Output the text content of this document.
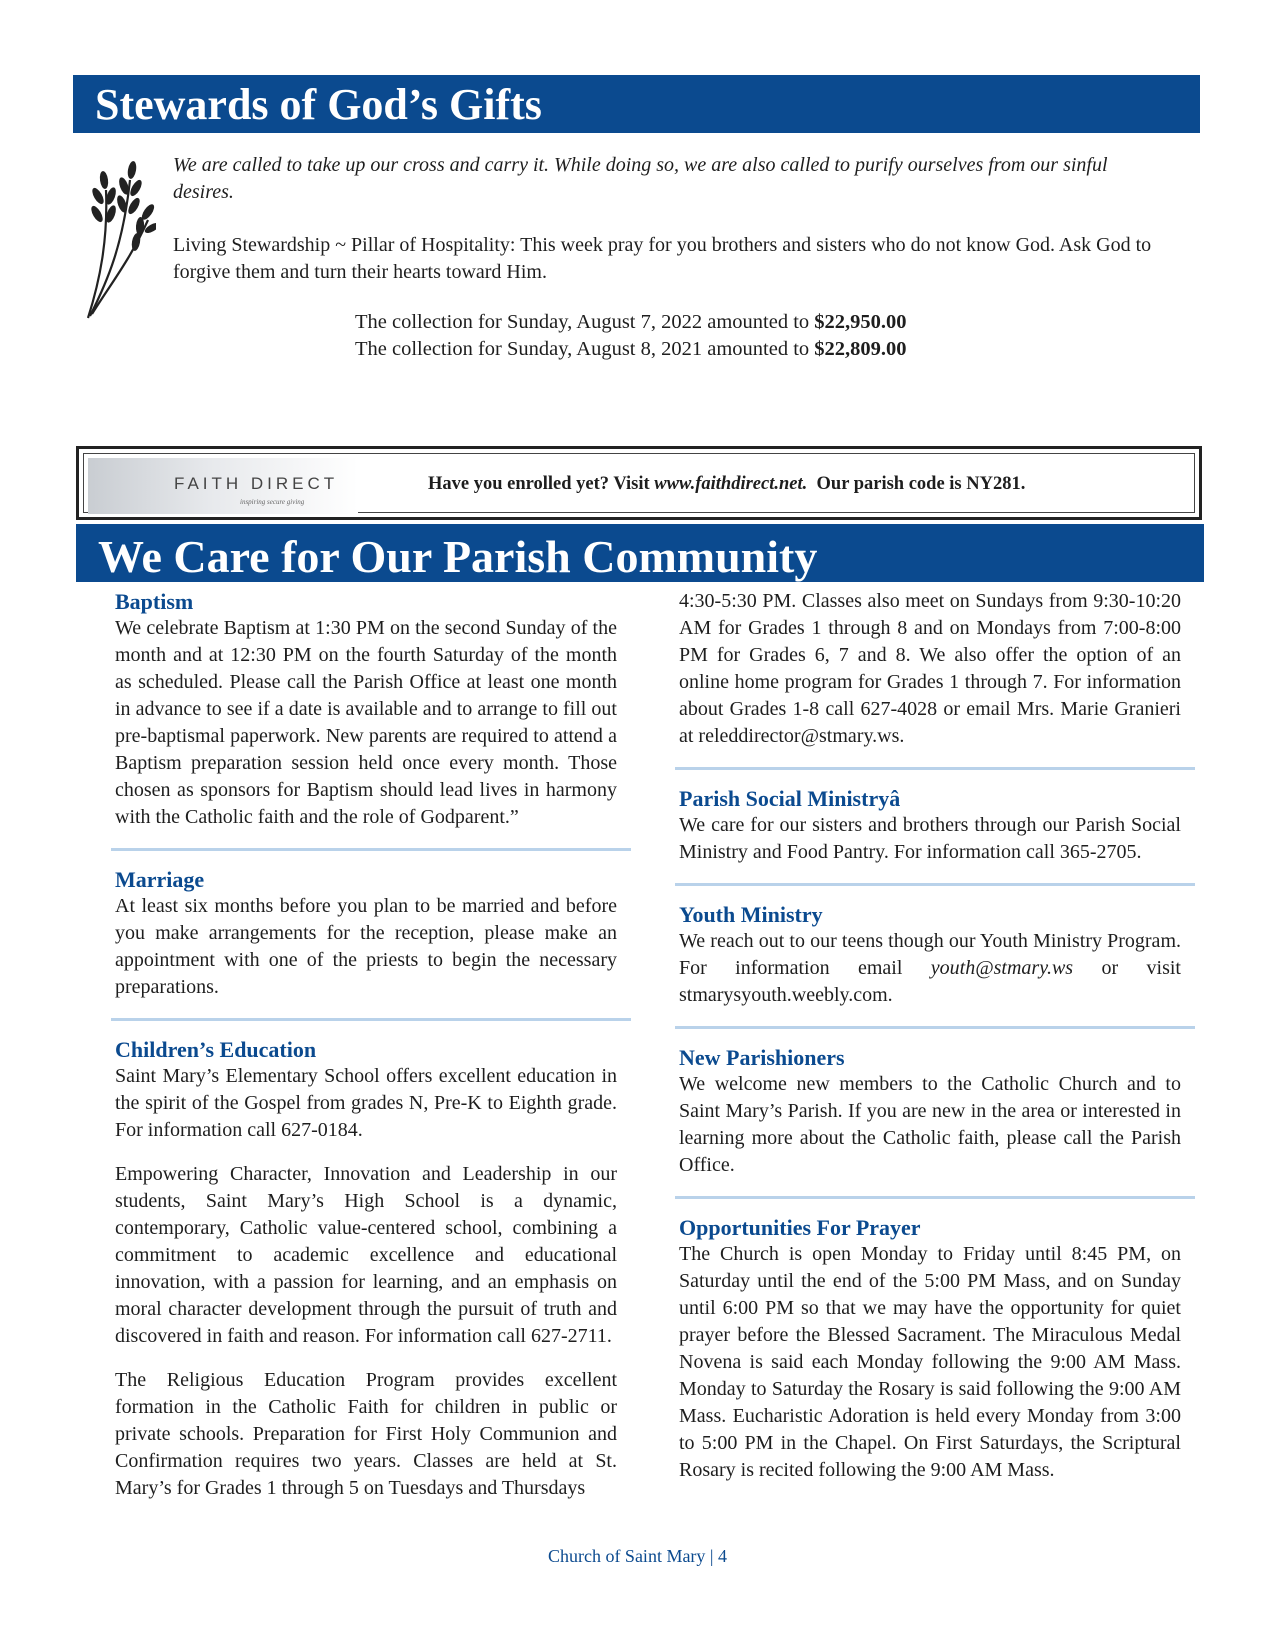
Stewards of God’s Gifts
We are called to take up our cross and carry it. While doing so, we are also called to purify ourselves from our sinful desires.
Living Stewardship ~ Pillar of Hospitality: This week pray for you brothers and sisters who do not know God. Ask God to forgive them and turn their hearts toward Him.
The collection for Sunday, August 7, 2022 amounted to $22,950.00
The collection for Sunday, August 8, 2021 amounted to $22,809.00
FAITH DIRECT
inspiring secure giving
Have you enrolled yet? Visit www.faithdirect.net. Our parish code is NY281.
We Care for Our Parish Community
Baptism

We celebrate Baptism at 1:30 PM on the second Sunday of the month and at 12:30 PM on the fourth Saturday of the month as scheduled. Please call the Parish Office at least one month in advance to see if a date is available and to arrange to fill out pre-baptismal paperwork. New parents are required to attend a Baptism preparation session held once every month. Those chosen as sponsors for Baptism should lead lives in harmony with the Catholic faith and the role of Godparent.”

Marriage

At least six months before you plan to be married and before you make arrangements for the reception, please make an appointment with one of the priests to begin the necessary preparations.

Children’s Education

Saint Mary’s Elementary School offers excellent education in the spirit of the Gospel from grades N, Pre-K to Eighth grade. For information call 627-0184.

Empowering Character, Innovation and Leadership in our students, Saint Mary’s High School is a dynamic, contemporary, Catholic value-centered school, combining a commitment to academic excellence and educational innovation, with a passion for learning, and an emphasis on moral character development through the pursuit of truth and discovered in faith and reason. For information call 627-2711.

The Religious Education Program provides excellent formation in the Catholic Faith for children in public or private schools. Preparation for First Holy Communion and Confirmation requires two years. Classes are held at St. Mary’s for Grades 1 through 5 on Tuesdays and Thursdays

4:30-5:30 PM. Classes also meet on Sundays from 9:30-10:20 AM for Grades 1 through 8 and on Mondays from 7:00-8:00 PM for Grades 6, 7 and 8. We also offer the option of an online home program for Grades 1 through 7. For information about Grades 1-8 call 627-4028 or email Mrs. Marie Granieri at releddirector@stmary.ws.

Parish Social Ministryâ

We care for our sisters and brothers through our Parish Social Ministry and Food Pantry. For information call 365-2705.

Youth Ministry

We reach out to our teens though our Youth Ministry Program. For information email youth@stmary.ws or visit stmarysyouth.weebly.com.

New Parishioners

We welcome new members to the Catholic Church and to Saint Mary’s Parish. If you are new in the area or interested in learning more about the Catholic faith, please call the Parish Office.

Opportunities For Prayer

The Church is open Monday to Friday until 8:45 PM, on Saturday until the end of the 5:00 PM Mass, and on Sunday until 6:00 PM so that we may have the opportunity for quiet prayer before the Blessed Sacrament. The Miraculous Medal Novena is said each Monday following the 9:00 AM Mass. Monday to Saturday the Rosary is said following the 9:00 AM Mass. Eucharistic Adoration is held every Monday from 3:00 to 5:00 PM in the Chapel. On First Saturdays, the Scriptural Rosary is recited following the 9:00 AM Mass.

Church of Saint Mary | 4
